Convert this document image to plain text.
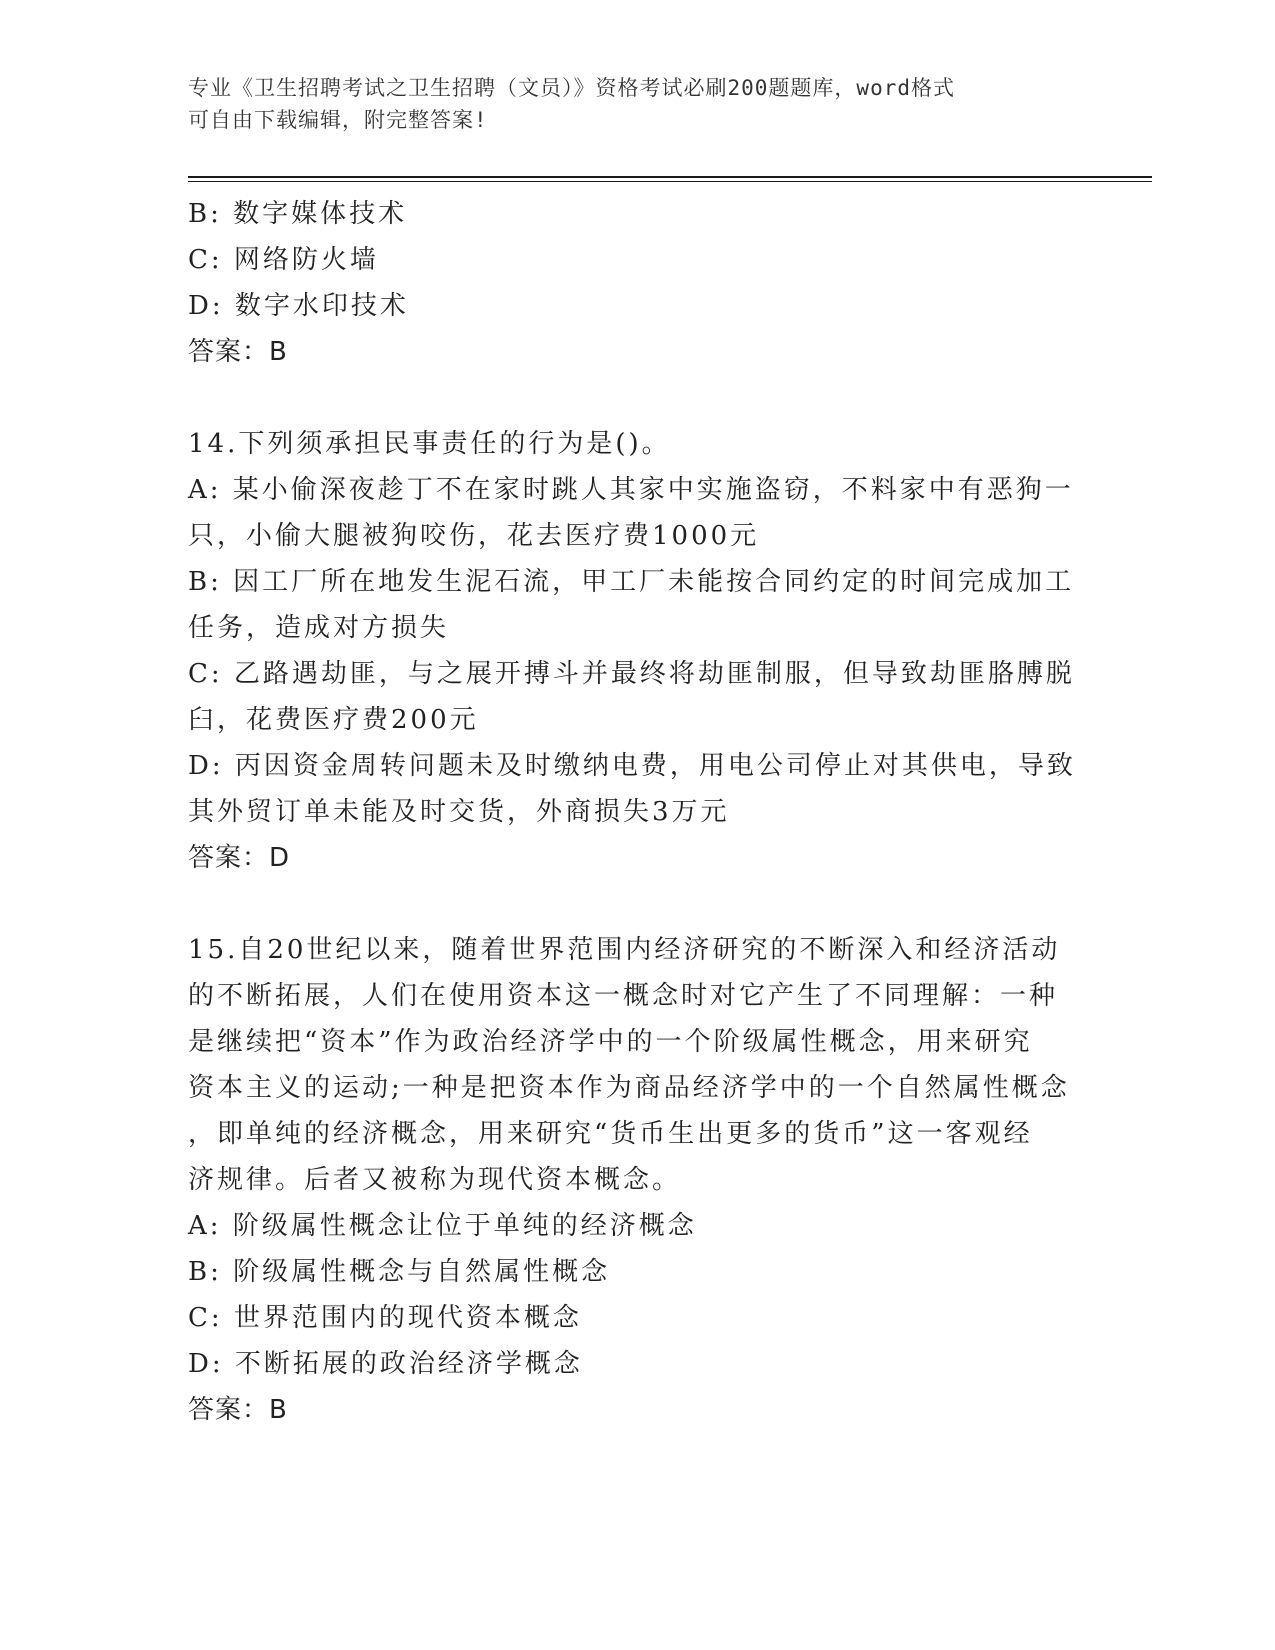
专业《卫生招聘考试之卫生招聘（文员）》资格考试必刷200题题库，word格式
可自由下载编辑，附完整答案!
B: 数字媒体技术
C: 网络防火墙
D: 数字水印技术
答案：B
14.下列须承担民事责任的行为是()。
A: 某小偷深夜趁丁不在家时跳人其家中实施盗窃，不料家中有恶狗一
只，小偷大腿被狗咬伤，花去医疗费1000元
B: 因工厂所在地发生泥石流，甲工厂未能按合同约定的时间完成加工
任务，造成对方损失
C: 乙路遇劫匪，与之展开搏斗并最终将劫匪制服，但导致劫匪胳膊脱
臼，花费医疗费200元
D: 丙因资金周转问题未及时缴纳电费，用电公司停止对其供电，导致
其外贸订单未能及时交货，外商损失3万元
答案：D
15.自20世纪以来，随着世界范围内经济研究的不断深入和经济活动
的不断拓展，人们在使用资本这一概念时对它产生了不同理解：一种
是继续把“资本”作为政治经济学中的一个阶级属性概念，用来研究
资本主义的运动;一种是把资本作为商品经济学中的一个自然属性概念
，即单纯的经济概念，用来研究“货币生出更多的货币”这一客观经
济规律。后者又被称为现代资本概念。
A: 阶级属性概念让位于单纯的经济概念
B: 阶级属性概念与自然属性概念
C: 世界范围内的现代资本概念
D: 不断拓展的政治经济学概念
答案：B
